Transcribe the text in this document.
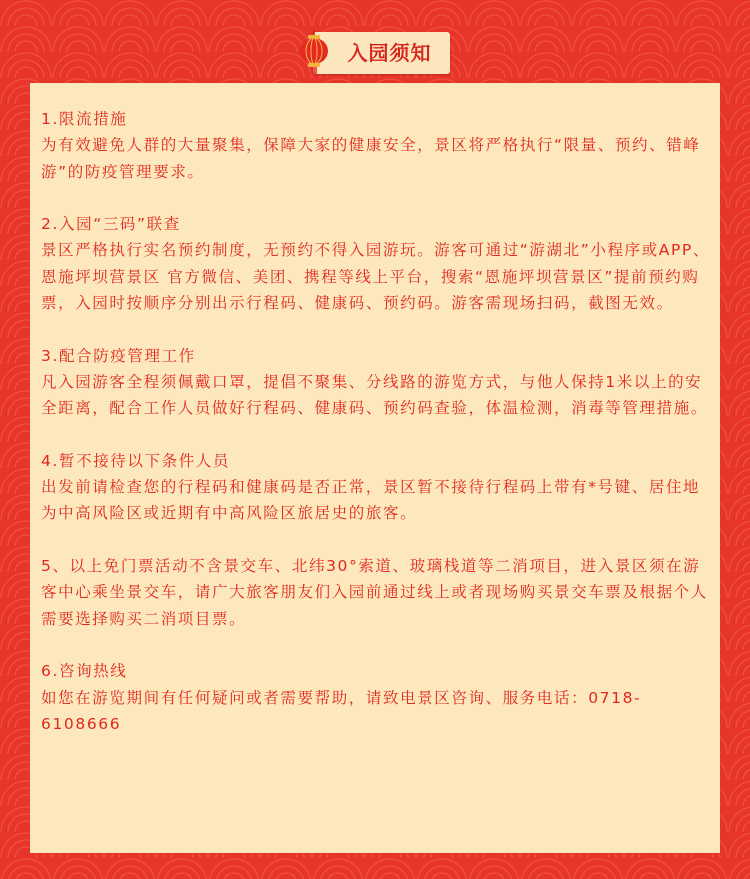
入园须知
1.限流措施
为有效避免人群的大量聚集，保障大家的健康安全，景区将严格执行“限量、预约、错峰游”的防疫管理要求。
2.入园“三码”联查
景区严格执行实名预约制度，无预约不得入园游玩。游客可通过“游湖北”小程序或APP、恩施坪坝营景区 官方微信、美团、携程等线上平台，搜索“恩施坪坝营景区”提前预约购票，入园时按顺序分别出示行程码、健康码、预约码。游客需现场扫码，截图无效。
3.配合防疫管理工作
凡入园游客全程须佩戴口罩，提倡不聚集、分线路的游览方式，与他人保持1米以上的安全距离，配合工作人员做好行程码、健康码、预约码查验，体温检测，消毒等管理措施。
4.暂不接待以下条件人员
出发前请检查您的行程码和健康码是否正常，景区暂不接待行程码上带有*号键、居住地为中高风险区或近期有中高风险区旅居史的旅客。
5、以上免门票活动不含景交车、北纬30°索道、玻璃栈道等二消项目，进入景区须在游客中心乘坐景交车，请广大旅客朋友们入园前通过线上或者现场购买景交车票及根据个人需要选择购买二消项目票。
6.咨询热线
如您在游览期间有任何疑问或者需要帮助，请致电景区咨询、服务电话：0718-6108666
